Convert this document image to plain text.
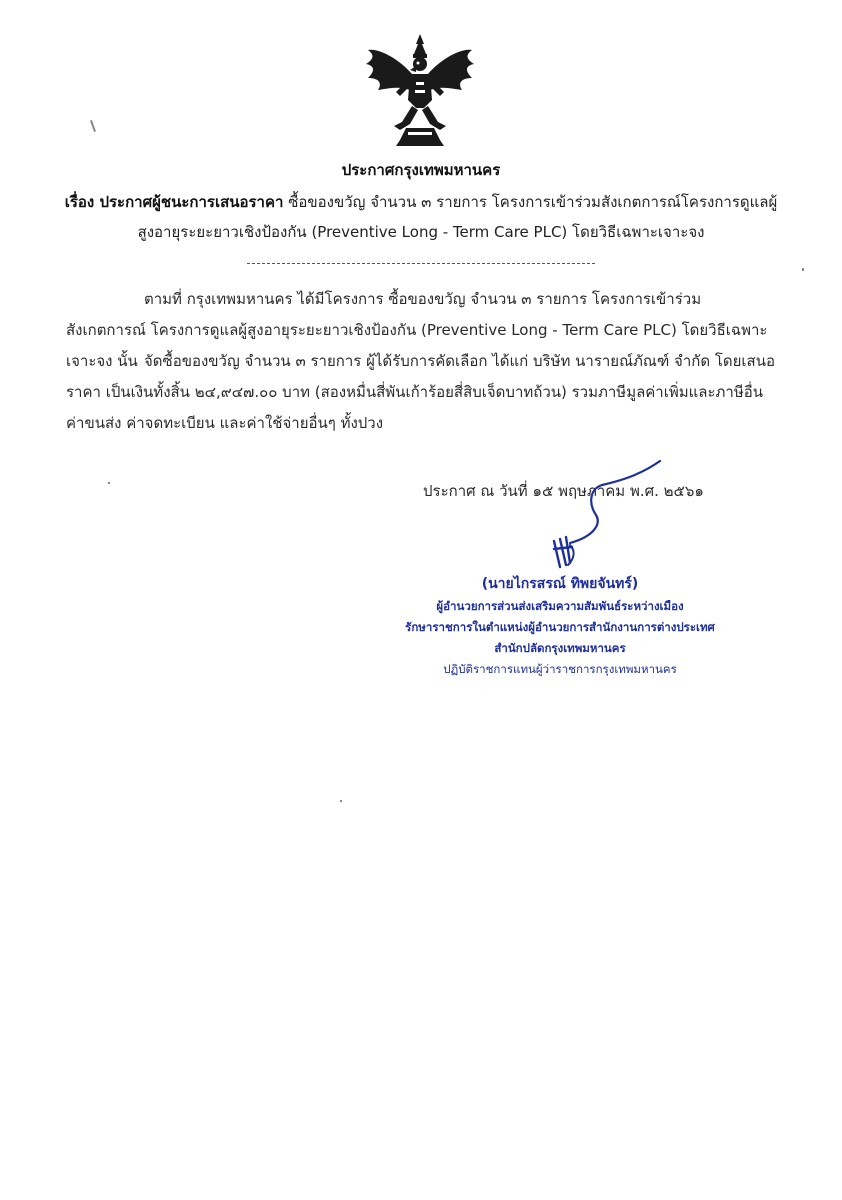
ประกาศกรุงเทพมหานคร
เรื่อง ประกาศผู้ชนะการเสนอราคา ซื้อของขวัญ จำนวน ๓ รายการ โครงการเข้าร่วมสังเกตการณ์โครงการดูแลผู้
สูงอายุระยะยาวเชิงป้องกัน (Preventive Long - Term Care PLC) โดยวิธีเฉพาะเจาะจง
ตามที่ กรุงเทพมหานคร ได้มีโครงการ ซื้อของขวัญ จำนวน ๓ รายการ โครงการเข้าร่วมสังเกตการณ์ โครงการดูแลผู้สูงอายุระยะยาวเชิงป้องกัน (Preventive Long - Term Care PLC) โดยวิธีเฉพาะเจาะจง นั้น จัดซื้อของขวัญ จำนวน ๓ รายการ ผู้ได้รับการคัดเลือก ได้แก่ บริษัท นารายณ์ภัณฑ์ จำกัด โดยเสนอราคา เป็นเงินทั้งสิ้น ๒๔,๙๔๗.๐๐ บาท (สองหมื่นสี่พันเก้าร้อยสี่สิบเจ็ดบาทถ้วน) รวมภาษีมูลค่าเพิ่มและภาษีอื่น ค่าขนส่ง ค่าจดทะเบียน และค่าใช้จ่ายอื่นๆ ทั้งปวง
ประกาศ ณ วันที่ ๑๕ พฤษภาคม พ.ศ. ๒๕๖๑
(นายไกรสรณ์ ทิพยจันทร์)
ผู้อำนวยการส่วนส่งเสริมความสัมพันธ์ระหว่างเมือง
รักษาราชการในตำแหน่งผู้อำนวยการสำนักงานการต่างประเทศ
สำนักปลัดกรุงเทพมหานคร
ปฏิบัติราชการแทนผู้ว่าราชการกรุงเทพมหานคร
